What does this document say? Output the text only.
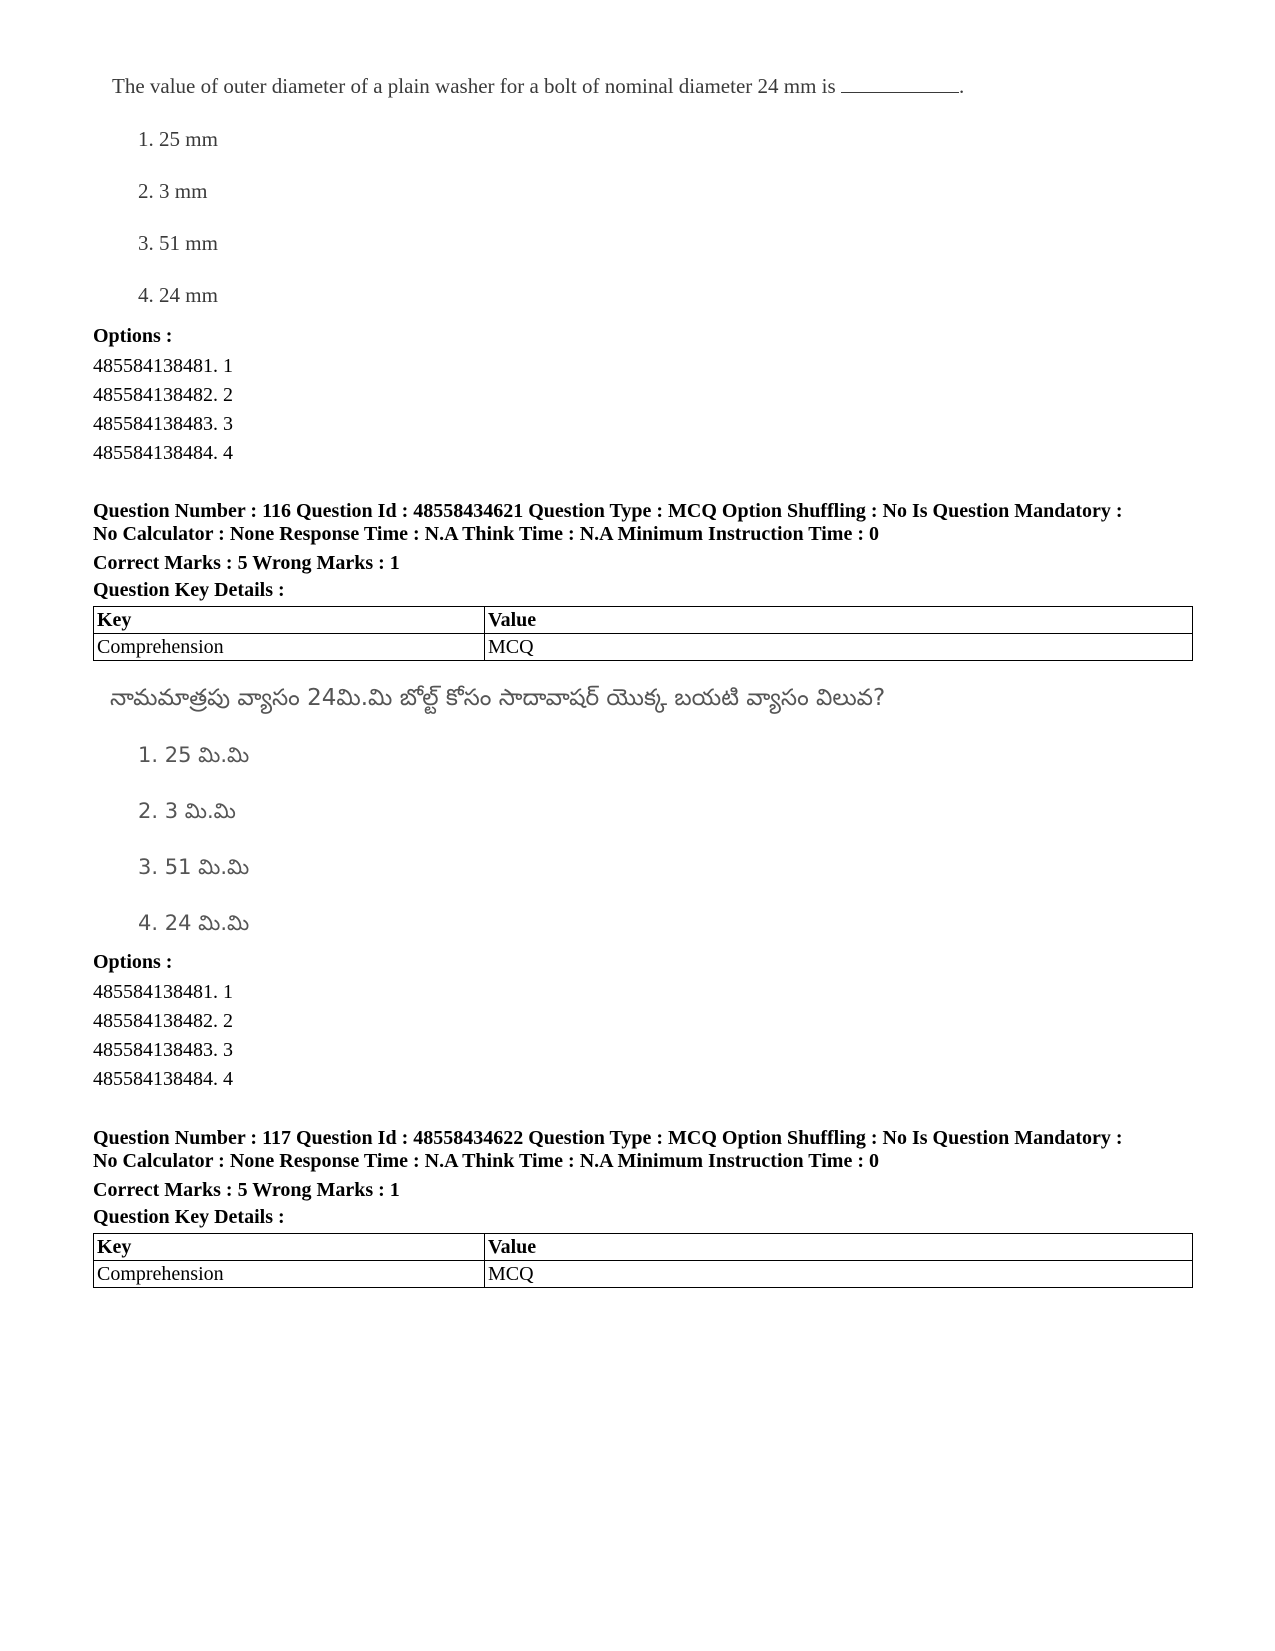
The value of outer diameter of a plain washer for a bolt of nominal diameter 24 mm is	.
1. 25 mm
2. 3 mm
3. 51 mm
4. 24 mm
Options :
485584138481. 1
485584138482. 2
485584138483. 3
485584138484. 4
Question Number : 116 Question Id : 48558434621 Question Type : MCQ Option Shuffling : No Is Question Mandatory :
No Calculator : None Response Time : N.A Think Time : N.A Minimum Instruction Time : 0
Correct Marks : 5 Wrong Marks : 1
Question Key Details :
Key	Value
Comprehension	MCQ
నామమాత్రపు వ్యాసం 24మి.మి బోల్ట్ కోసం సాదావాషర్ యొక్క బయటి వ్యాసం విలువ?
1. 25 మి.మి
2. 3 మి.మి
3. 51 మి.మి
4. 24 మి.మి
Options :
485584138481. 1
485584138482. 2
485584138483. 3
485584138484. 4
Question Number : 117 Question Id : 48558434622 Question Type : MCQ Option Shuffling : No Is Question Mandatory :
No Calculator : None Response Time : N.A Think Time : N.A Minimum Instruction Time : 0
Correct Marks : 5 Wrong Marks : 1
Question Key Details :
Key	Value
Comprehension	MCQ
